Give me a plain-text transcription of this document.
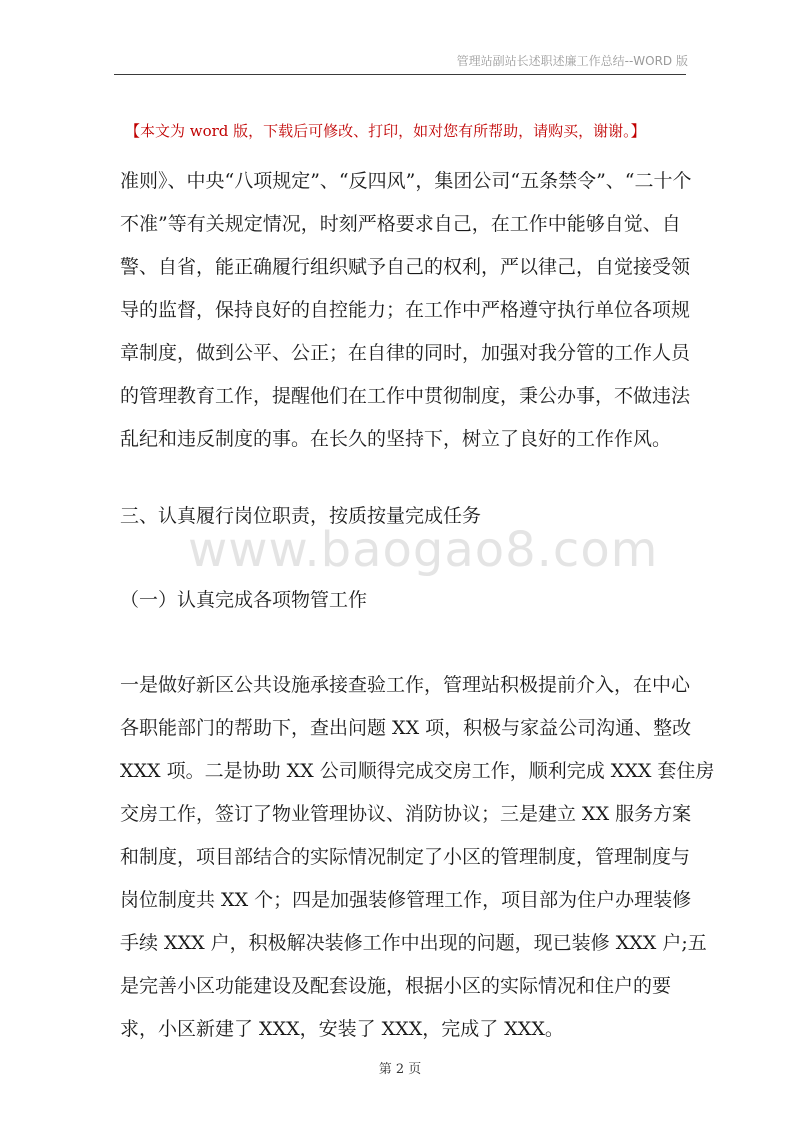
管理站副站长述职述廉工作总结--WORD 版
【本文为 word 版，下载后可修改、打印，如对您有所帮助，请购买，谢谢。】
准则》、中央“八项规定”、“反四风”，集团公司“五条禁令”、“二十个
不准”等有关规定情况，时刻严格要求自己，在工作中能够自觉、自
警、自省，能正确履行组织赋予自己的权利，严以律己，自觉接受领
导的监督，保持良好的自控能力；在工作中严格遵守执行单位各项规
章制度，做到公平、公正；在自律的同时，加强对我分管的工作人员
的管理教育工作，提醒他们在工作中贯彻制度，秉公办事，不做违法
乱纪和违反制度的事。在长久的坚持下，树立了良好的工作作风。
三、认真履行岗位职责，按质按量完成任务
www.baogao8.com
（一）认真完成各项物管工作
一是做好新区公共设施承接查验工作，管理站积极提前介入，在中心
各职能部门的帮助下，查出问题 XX 项，积极与家益公司沟通、整改
XXX 项。二是协助 XX 公司顺得完成交房工作，顺利完成 XXX 套住房
交房工作，签订了物业管理协议、消防协议；三是建立 XX 服务方案
和制度，项目部结合的实际情况制定了小区的管理制度，管理制度与
岗位制度共 XX 个；四是加强装修管理工作，项目部为住户办理装修
手续 XXX 户，积极解决装修工作中出现的问题，现已装修 XXX 户;五
是完善小区功能建设及配套设施，根据小区的实际情况和住户的要
求，小区新建了 XXX，安装了 XXX，完成了 XXX。
第 2 页
